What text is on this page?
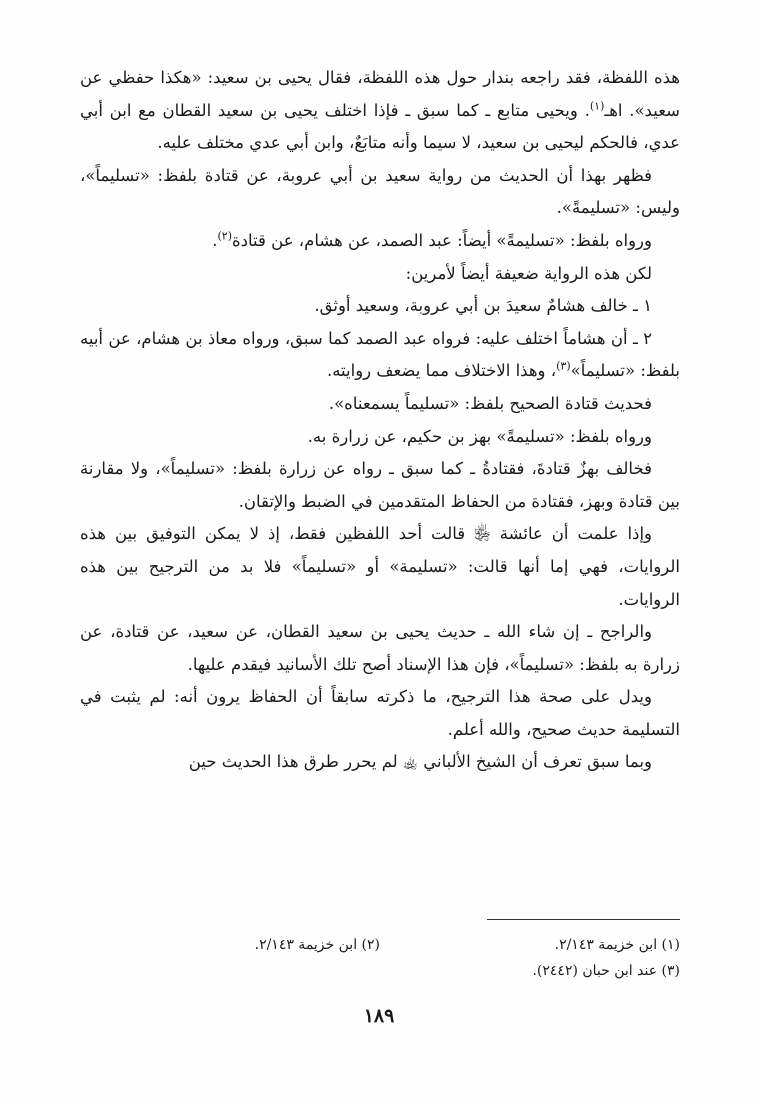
هذه اللفظة، فقد راجعه بندار حول هذه اللفظة، فقال يحيى بن سعيد: «هكذا حفظي عن سعيد». اهـ$^{(١)}$. ويحيى متابع ـ كما سبق ـ فإذا اختلف يحيى بن سعيد القطان مع ابن أبي عدي، فالحكم ليحيى بن سعيد، لا سيما وأنه متابَعٌ، وابن أبي عدي مختلف عليه.

فظهر بهذا أن الحديث من رواية سعيد بن أبي عروبة، عن قتادة بلفظ: «تسليماً»، وليس: «تسليمةً».

ورواه بلفظ: «تسليمةً» أيضاً: عبد الصمد، عن هشام، عن قتادة$^{(٢)}$.

لكن هذه الرواية ضعيفة أيضاً لأمرين:

١ ـ خالف هشامٌ سعيدَ بن أبي عروبة، وسعيد أوثق.

٢ ـ أن هشاماً اختلف عليه: فرواه عبد الصمد كما سبق، ورواه معاذ بن هشام، عن أبيه بلفظ: «تسليماً»$^{(٣)}$، وهذا الاختلاف مما يضعف روايته.

فحديث قتادة الصحيح بلفظ: «تسليماً يسمعناه».

ورواه بلفظ: «تسليمةً» بهز بن حكيم، عن زرارة به.

فخالف بهزٌ قتادةَ، فقتادةُ ـ كما سبق ـ رواه عن زرارة بلفظ: «تسليماً»، ولا مقارنة بين قتادة وبهز، فقتادة من الحفاظ المتقدمين في الضبط والإتقان.

وإذا علمت أن عائشة ﵂ قالت أحد اللفظين فقط، إذ لا يمكن التوفيق بين هذه الروايات، فهي إما أنها قالت: «تسليمة» أو «تسليماً» فلا بد من الترجيح بين هذه الروايات.

والراجح ـ إن شاء الله ـ حديث يحيى بن سعيد القطان، عن سعيد، عن قتادة، عن زرارة به بلفظ: «تسليماً»، فإن هذا الإسناد أصح تلك الأسانيد فيقدم عليها.

ويدل على صحة هذا الترجيح، ما ذكرته سابقاً أن الحفاظ يرون أنه: لم يثبت في التسليمة حديث صحيح، والله أعلم.

وبما سبق تعرف أن الشيخ الألباني ﵀ لم يحرر طرق هذا الحديث حين

(١) ابن خزيمة ٢/١٤٣.
(٢) ابن خزيمة ٢/١٤٣.
(٣) عند ابن حبان (٢٤٤٢).
١٨٩
